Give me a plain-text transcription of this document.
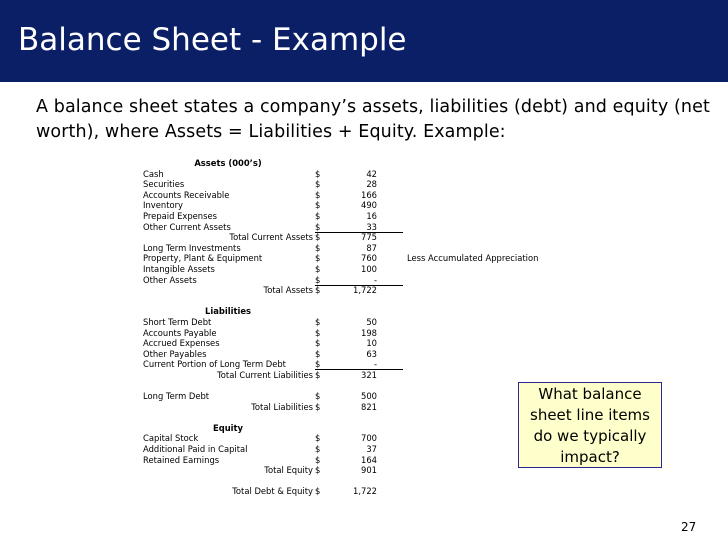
Balance Sheet - Example
A balance sheet states a company’s assets, liabilities (debt) and equity (net worth), where Assets = Liabilities + Equity. Example:
Assets (000’s)
Cash	$	42
Securities	$	28
Accounts Receivable	$	166
Inventory	$	490
Prepaid Expenses	$	16
Other Current Assets	$	33
Total Current Assets $	775
Long Term Investments	$	87
Property, Plant & Equipment	$	760	Less Accumulated Appreciation
Intangible Assets	$	100
Other Assets	$	-
Total Assets $	1,722
Liabilities
Short Term Debt	$	50
Accounts Payable	$	198
Accrued Expenses	$	10
Other Payables	$	63
Current Portion of Long Term Debt	$	-
Total Current Liabilities $	321
Long Term Debt	$	500
Total Liabilities $	821
Equity
Capital Stock	$	700
Additional Paid in Capital	$	37
Retained Earnings	$	164
Total Equity $	901
Total Debt & Equity $	1,722
What balance
sheet line items
do we typically
impact?
27
